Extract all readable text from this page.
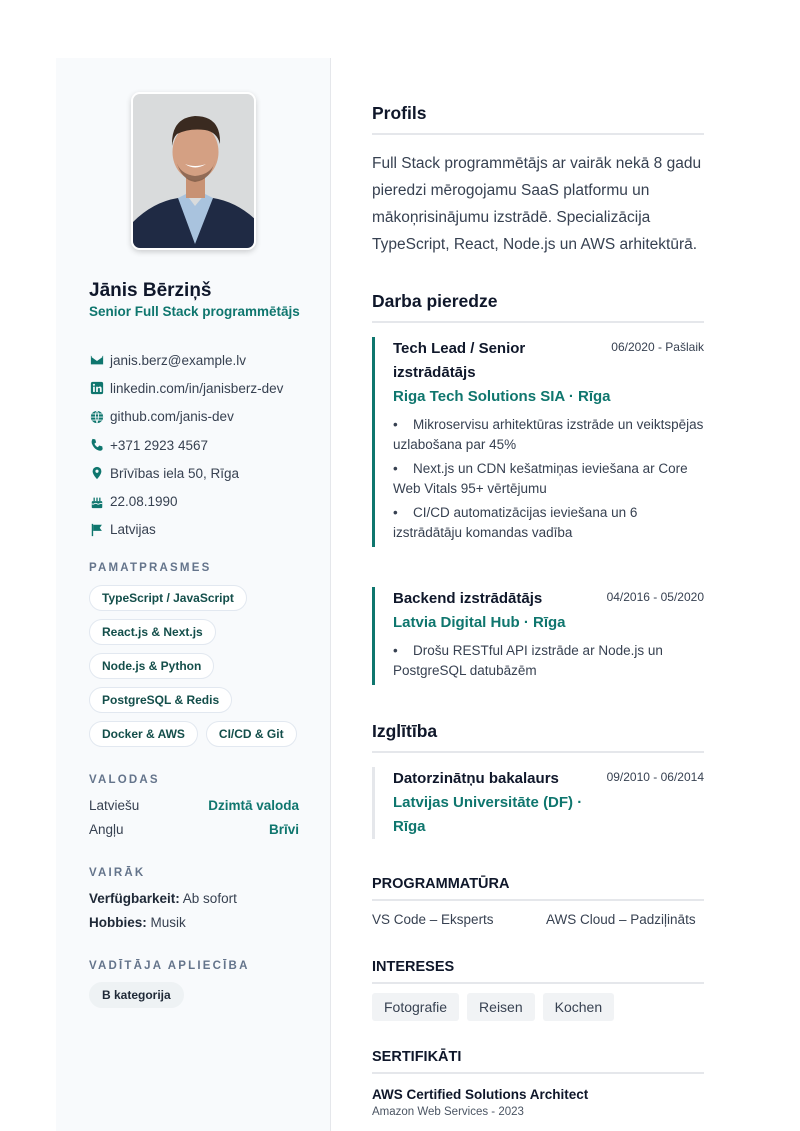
Jānis Bērziņš
Senior Full Stack programmētājs
janis.berz@example.lv
linkedin.com/in/janisberz-dev
github.com/janis-dev
+371 2923 4567
Brīvības iela 50, Rīga
22.08.1990
Latvijas
PAMATPRASMES
TypeScript / JavaScript
React.js & Next.js
Node.js & Python
PostgreSQL & Redis
Docker & AWS	CI/CD & Git
VALODAS
Latviešu	Dzimtā valoda
Angļu	Brīvi
VAIRĀK
Verfügbarkeit: Ab sofort
Hobbies: Musik
VADĪTĀJA APLIECĪBA
B kategorija
Profils
Full Stack programmētājs ar vairāk nekā 8 gadu pieredzi mērogojamu SaaS platformu un mākoņrisinājumu izstrādē. Specializācija TypeScript, React, Node.js un AWS arhitektūrā.
Darba pieredze
Tech Lead / Senior izstrādātājs
06/2020 - Pašlaik
Riga Tech Solutions SIA · Rīga
• Mikroservisu arhitektūras izstrāde un veiktspējas uzlabošana par 45%
• Next.js un CDN kešatmiņas ieviešana ar Core Web Vitals 95+ vērtējumu
• CI/CD automatizācijas ieviešana un 6 izstrādātāju komandas vadība
Backend izstrādātājs	04/2016 - 05/2020
Latvia Digital Hub · Rīga
• Drošu RESTful API izstrāde ar Node.js un PostgreSQL datubāzēm
Izglītība
Datorzinātņu bakalaurs	09/2010 - 06/2014
Latvijas Universitāte (DF) · Rīga
PROGRAMMATŪRA
VS Code – Eksperts	AWS Cloud – Padziļināts
INTERESES
Fotografie	Reisen	Kochen
SERTIFIKĀTI
AWS Certified Solutions Architect
Amazon Web Services - 2023
